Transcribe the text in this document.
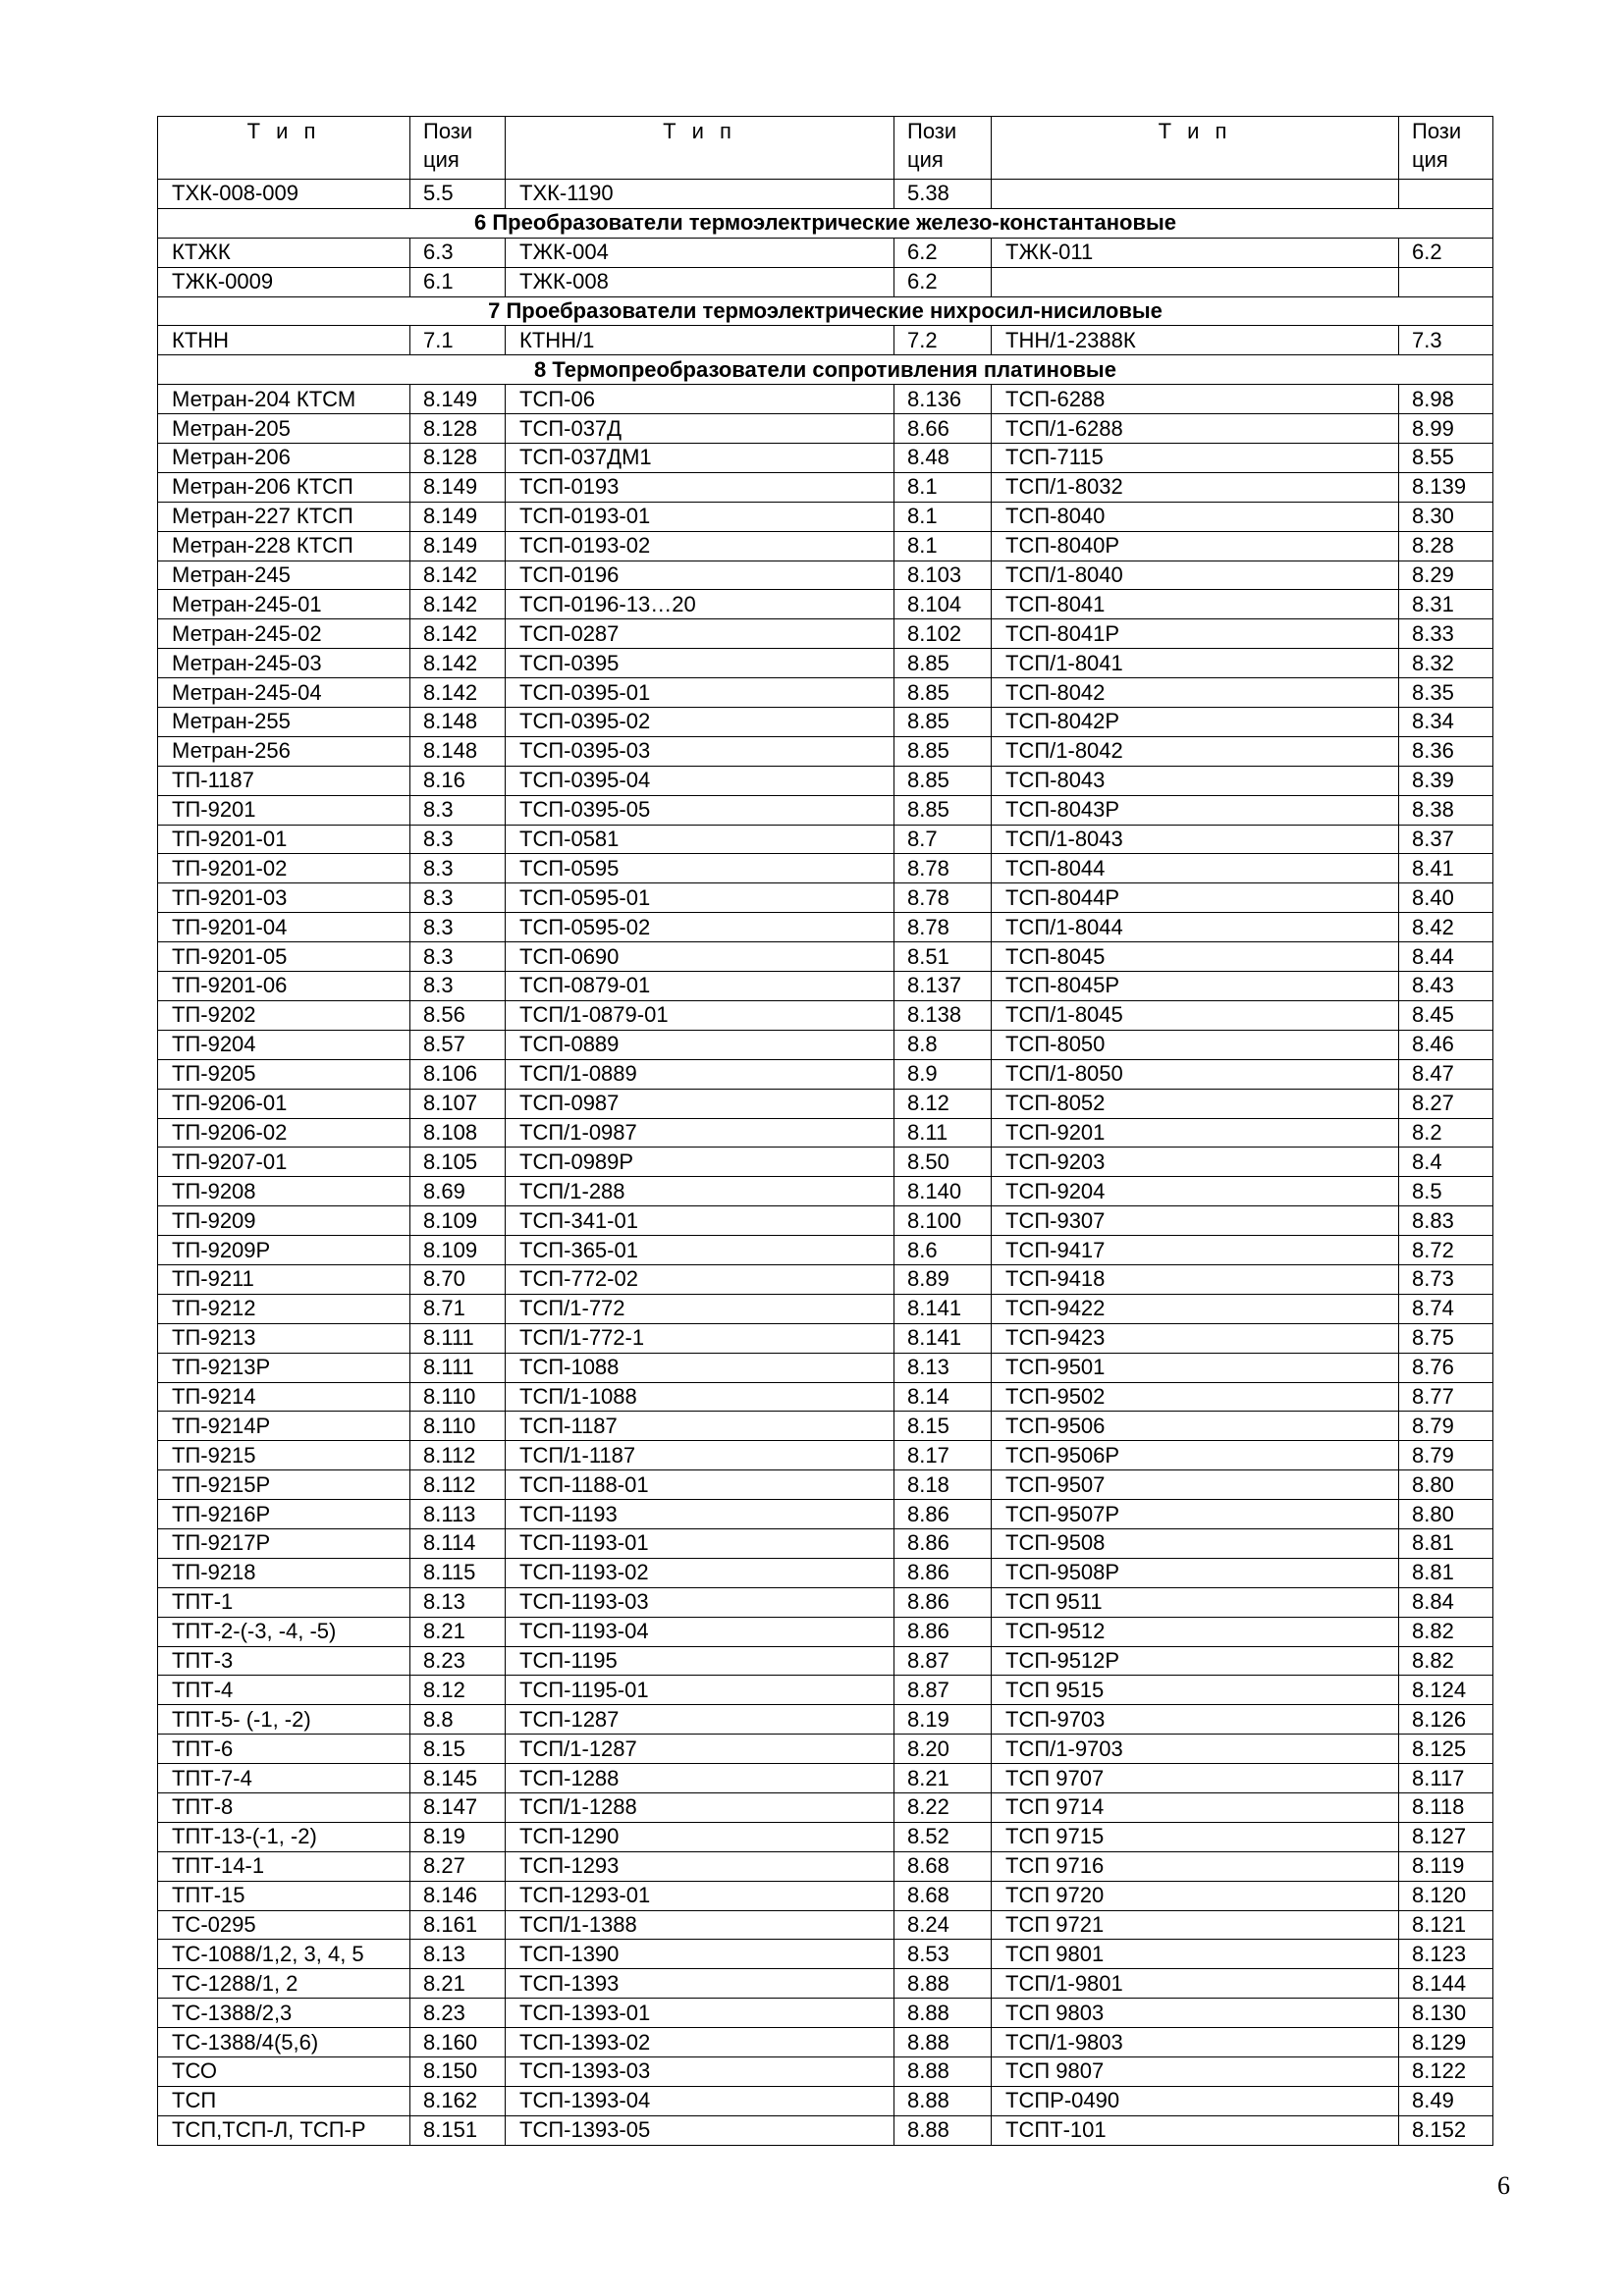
Т и п	Пози ция	Т и п	Пози ция	Т и п	Пози ция
ТХК-008-009	5.5	ТХК-1190	5.38		
6 Преобразователи термоэлектрические железо-константановые					
КТЖК	6.3	ТЖК-004	6.2	ТЖК-011	6.2
ТЖК-0009	6.1	ТЖК-008	6.2		
7 Проебразователи термоэлектрические нихросил-нисиловые					
КТНН	7.1	КТНН/1	7.2	ТНН/1-2388К	7.3
8 Термопреобразователи сопротивления платиновые					
Метран-204 КТСМ	8.149	ТСП-06	8.136	ТСП-6288	8.98
Метран-205	8.128	ТСП-037Д	8.66	ТСП/1-6288	8.99
Метран-206	8.128	ТСП-037ДМ1	8.48	ТСП-7115	8.55
Метран-206 КТСП	8.149	ТСП-0193	8.1	ТСП/1-8032	8.139
Метран-227 КТСП	8.149	ТСП-0193-01	8.1	ТСП-8040	8.30
Метран-228 КТСП	8.149	ТСП-0193-02	8.1	ТСП-8040Р	8.28
Метран-245	8.142	ТСП-0196	8.103	ТСП/1-8040	8.29
Метран-245-01	8.142	ТСП-0196-13…20	8.104	ТСП-8041	8.31
Метран-245-02	8.142	ТСП-0287	8.102	ТСП-8041Р	8.33
Метран-245-03	8.142	ТСП-0395	8.85	ТСП/1-8041	8.32
Метран-245-04	8.142	ТСП-0395-01	8.85	ТСП-8042	8.35
Метран-255	8.148	ТСП-0395-02	8.85	ТСП-8042Р	8.34
Метран-256	8.148	ТСП-0395-03	8.85	ТСП/1-8042	8.36
ТП-1187	8.16	ТСП-0395-04	8.85	ТСП-8043	8.39
ТП-9201	8.3	ТСП-0395-05	8.85	ТСП-8043Р	8.38
ТП-9201-01	8.3	ТСП-0581	8.7	ТСП/1-8043	8.37
ТП-9201-02	8.3	ТСП-0595	8.78	ТСП-8044	8.41
ТП-9201-03	8.3	ТСП-0595-01	8.78	ТСП-8044Р	8.40
ТП-9201-04	8.3	ТСП-0595-02	8.78	ТСП/1-8044	8.42
ТП-9201-05	8.3	ТСП-0690	8.51	ТСП-8045	8.44
ТП-9201-06	8.3	ТСП-0879-01	8.137	ТСП-8045Р	8.43
ТП-9202	8.56	ТСП/1-0879-01	8.138	ТСП/1-8045	8.45
ТП-9204	8.57	ТСП-0889	8.8	ТСП-8050	8.46
ТП-9205	8.106	ТСП/1-0889	8.9	ТСП/1-8050	8.47
ТП-9206-01	8.107	ТСП-0987	8.12	ТСП-8052	8.27
ТП-9206-02	8.108	ТСП/1-0987	8.11	ТСП-9201	8.2
ТП-9207-01	8.105	ТСП-0989Р	8.50	ТСП-9203	8.4
ТП-9208	8.69	ТСП/1-288	8.140	ТСП-9204	8.5
ТП-9209	8.109	ТСП-341-01	8.100	ТСП-9307	8.83
ТП-9209Р	8.109	ТСП-365-01	8.6	ТСП-9417	8.72
ТП-9211	8.70	ТСП-772-02	8.89	ТСП-9418	8.73
ТП-9212	8.71	ТСП/1-772	8.141	ТСП-9422	8.74
ТП-9213	8.111	ТСП/1-772-1	8.141	ТСП-9423	8.75
ТП-9213Р	8.111	ТСП-1088	8.13	ТСП-9501	8.76
ТП-9214	8.110	ТСП/1-1088	8.14	ТСП-9502	8.77
ТП-9214Р	8.110	ТСП-1187	8.15	ТСП-9506	8.79
ТП-9215	8.112	ТСП/1-1187	8.17	ТСП-9506Р	8.79
ТП-9215Р	8.112	ТСП-1188-01	8.18	ТСП-9507	8.80
ТП-9216Р	8.113	ТСП-1193	8.86	ТСП-9507Р	8.80
ТП-9217Р	8.114	ТСП-1193-01	8.86	ТСП-9508	8.81
ТП-9218	8.115	ТСП-1193-02	8.86	ТСП-9508Р	8.81
ТПТ-1	8.13	ТСП-1193-03	8.86	ТСП 9511	8.84
ТПТ-2-(-3, -4, -5)	8.21	ТСП-1193-04	8.86	ТСП-9512	8.82
ТПТ-3	8.23	ТСП-1195	8.87	ТСП-9512Р	8.82
ТПТ-4	8.12	ТСП-1195-01	8.87	ТСП 9515	8.124
ТПТ-5- (-1, -2)	8.8	ТСП-1287	8.19	ТСП-9703	8.126
ТПТ-6	8.15	ТСП/1-1287	8.20	ТСП/1-9703	8.125
ТПТ-7-4	8.145	ТСП-1288	8.21	ТСП 9707	8.117
ТПТ-8	8.147	ТСП/1-1288	8.22	ТСП 9714	8.118
ТПТ-13-(-1, -2)	8.19	ТСП-1290	8.52	ТСП 9715	8.127
ТПТ-14-1	8.27	ТСП-1293	8.68	ТСП 9716	8.119
ТПТ-15	8.146	ТСП-1293-01	8.68	ТСП 9720	8.120
ТС-0295	8.161	ТСП/1-1388	8.24	ТСП 9721	8.121
ТС-1088/1,2, 3, 4, 5	8.13	ТСП-1390	8.53	ТСП 9801	8.123
ТС-1288/1, 2	8.21	ТСП-1393	8.88	ТСП/1-9801	8.144
ТС-1388/2,3	8.23	ТСП-1393-01	8.88	ТСП 9803	8.130
ТС-1388/4(5,6)	8.160	ТСП-1393-02	8.88	ТСП/1-9803	8.129
ТСО	8.150	ТСП-1393-03	8.88	ТСП 9807	8.122
ТСП	8.162	ТСП-1393-04	8.88	ТСПР-0490	8.49
ТСП,ТСП-Л, ТСП-Р	8.151	ТСП-1393-05	8.88	ТСПТ-101	8.152
6
